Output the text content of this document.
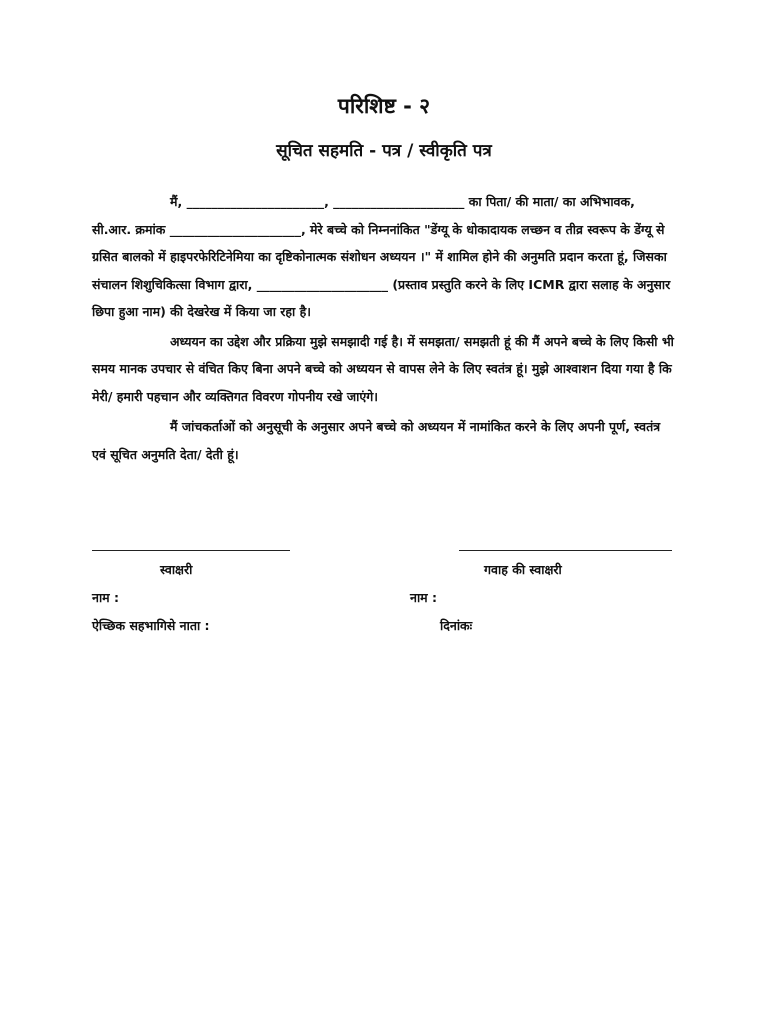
परिशिष्ट - २
सूचित सहमति - पत्र / स्वीकृति पत्र

मैं, ______________________, _____________________ का पिता/ की माता/ का अभिभावक, सी.आर. क्रमांक _____________________, मेरे बच्चे को निम्ननांकित "डेंग्यू के धोकादायक लच्छन व तीव्र स्वरूप के डेंग्यू से ग्रसित बालको में हाइपरफेरिटिनेमिया का दृष्टिकोनात्मक संशोधन अध्ययन ।" में शामिल होने की अनुमति प्रदान करता हूं, जिसका संचालन शिशुचिकित्सा विभाग द्वारा, _____________________ (प्रस्ताव प्रस्तुति करने के लिए ICMR द्वारा सलाह के अनुसार छिपा हुआ नाम) की देखरेख में किया जा रहा है।

अध्ययन का उद्देश और प्रक्रिया मुझे समझादी गई है। में समझता/ समझती हूं की मैं अपने बच्चे के लिए किसी भी समय मानक उपचार से वंचित किए बिना अपने बच्चे को अध्ययन से वापस लेने के लिए स्वतंत्र हूं। मुझे आश्वाशन दिया गया है कि मेरी/ हमारी पहचान और व्यक्तिगत विवरण गोपनीय रखे जाएंगे।

मैं जांचकर्ताओं को अनुसूची के अनुसार अपने बच्चे को अध्ययन में नामांकित करने के लिए अपनी पूर्ण, स्वतंत्र एवं सूचित अनुमति देता/ देती हूं।

स्वाक्षरी	गवाह की स्वाक्षरी
नाम :	नाम :
ऐच्छिक सहभागिसे नाता :	दिनांकः
